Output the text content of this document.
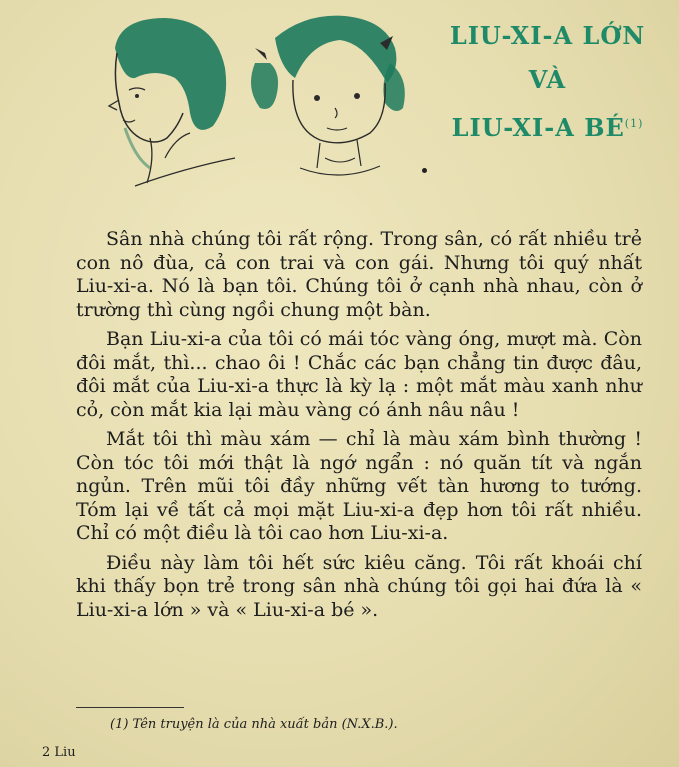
LIU-XI-A LỚN
VÀ
LIU-XI-A BÉ$^{(1)}$

Sân nhà chúng tôi rất rộng. Trong sân, có rất nhiều trẻ con nô đùa, cả con trai và con gái. Nhưng tôi quý nhất Liu-xi-a. Nó là bạn tôi. Chúng tôi ở cạnh nhà nhau, còn ở trường thì cùng ngồi chung một bàn.

Bạn Liu-xi-a của tôi có mái tóc vàng óng, mượt mà. Còn đôi mắt, thì... chao ôi ! Chắc các bạn chẳng tin được đâu, đôi mắt của Liu-xi-a thực là kỳ lạ : một mắt màu xanh như cỏ, còn mắt kia lại màu vàng có ánh nâu nâu !

Mắt tôi thì màu xám — chỉ là màu xám bình thường ! Còn tóc tôi mới thật là ngớ ngẩn : nó quăn tít và ngắn ngủn. Trên mũi tôi đầy những vết tàn hương to tướng. Tóm lại về tất cả mọi mặt Liu-xi-a đẹp hơn tôi rất nhiều. Chỉ có một điều là tôi cao hơn Liu-xi-a.

Điều này làm tôi hết sức kiêu căng. Tôi rất khoái chí khi thấy bọn trẻ trong sân nhà chúng tôi gọi hai đứa là « Liu-xi-a lớn » và « Liu-xi-a bé ».

(1) Tên truyện là của nhà xuất bản (N.X.B.).
2 Liu
